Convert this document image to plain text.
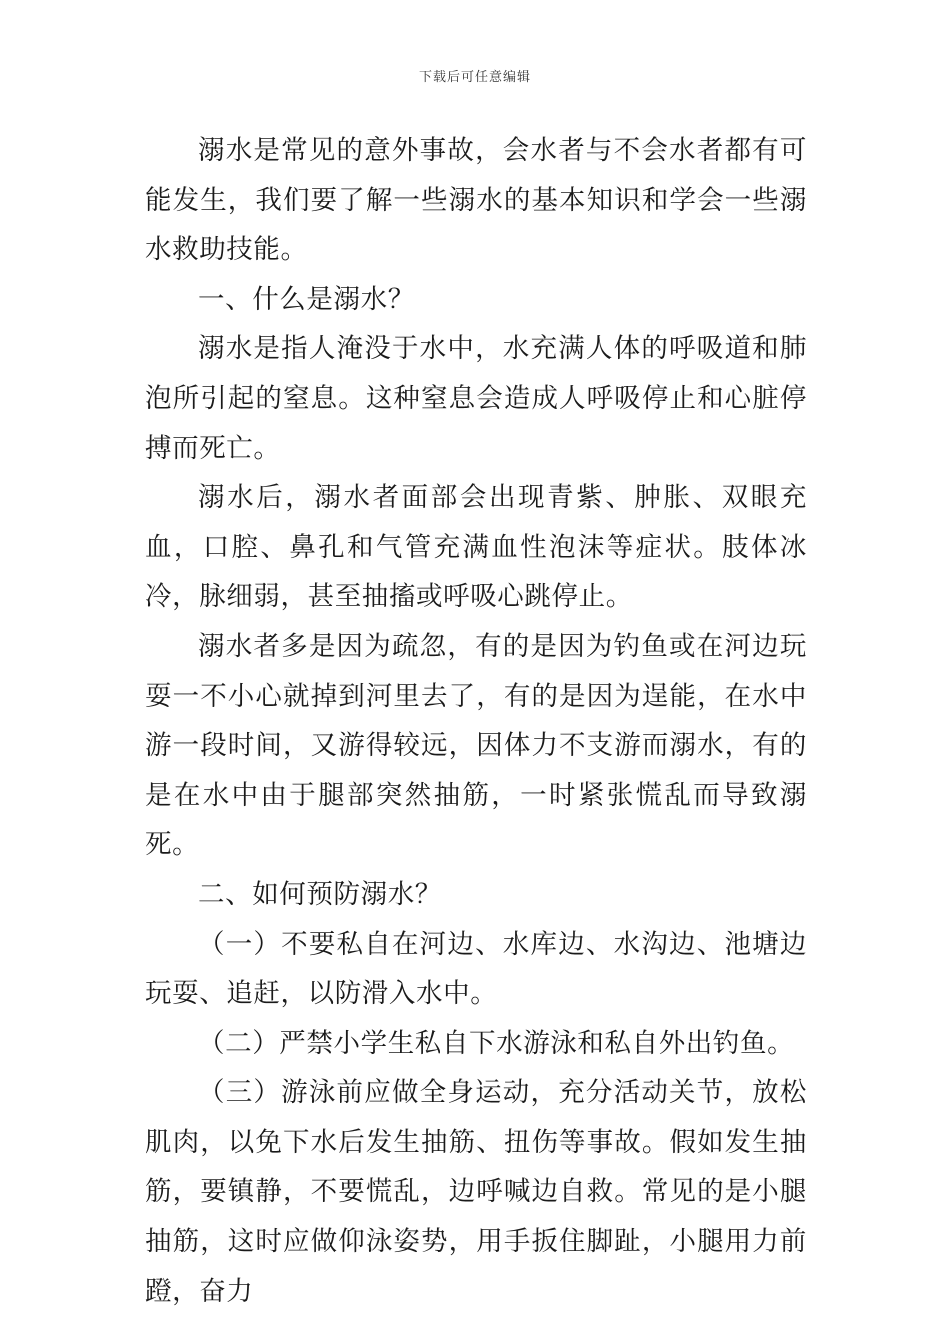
下载后可任意编辑

溺水是常见的意外事故，会水者与不会水者都有可能发生，我们要了解一些溺水的基本知识和学会一些溺水救助技能。

一、什么是溺水？

溺水是指人淹没于水中，水充满人体的呼吸道和肺泡所引起的窒息。这种窒息会造成人呼吸停止和心脏停搏而死亡。

溺水后，溺水者面部会出现青紫、肿胀、双眼充血，口腔、鼻孔和气管充满血性泡沫等症状。肢体冰冷，脉细弱，甚至抽搐或呼吸心跳停止。

溺水者多是因为疏忽，有的是因为钓鱼或在河边玩耍一不小心就掉到河里去了，有的是因为逞能，在水中游一段时间，又游得较远，因体力不支游而溺水，有的是在水中由于腿部突然抽筋，一时紧张慌乱而导致溺死。

二、如何预防溺水？

（一）不要私自在河边、水库边、水沟边、池塘边玩耍、追赶，以防滑入水中。

（二）严禁小学生私自下水游泳和私自外出钓鱼。

（三）游泳前应做全身运动，充分活动关节，放松肌肉，以免下水后发生抽筋、扭伤等事故。假如发生抽筋，要镇静，不要慌乱，边呼喊边自救。常见的是小腿抽筋，这时应做仰泳姿势，用手扳住脚趾，小腿用力前蹬，奋力
